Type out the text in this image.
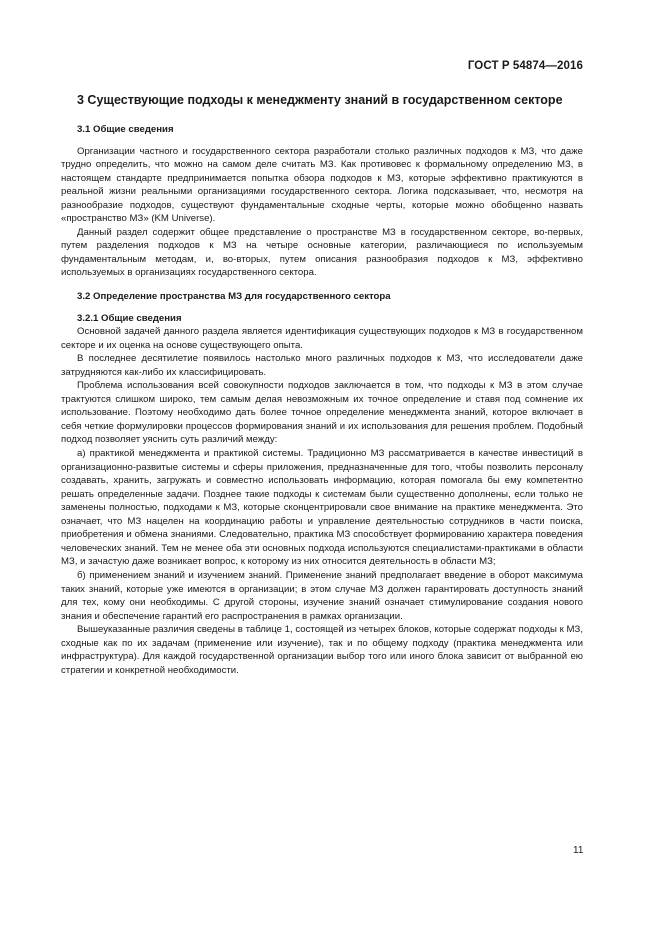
ГОСТ Р 54874—2016
3 Существующие подходы к менеджменту знаний в государственном секторе
3.1 Общие сведения

Организации частного и государственного сектора разработали столько различных подходов к МЗ, что даже трудно определить, что можно на самом деле считать МЗ. Как противовес к формальному определению МЗ, в настоящем стандарте предпринимается попытка обзора подходов к МЗ, которые эффективно практикуются в реальной жизни реальными организациями государственного сектора. Логика подсказывает, что, несмотря на разнообразие подходов, существуют фундаментальные сходные черты, которые можно обобщенно назвать «пространство МЗ» (KM Universe).

Данный раздел содержит общее представление о пространстве МЗ в государственном секторе, во-первых, путем разделения подходов к МЗ на четыре основные категории, различающиеся по используемым фундаментальным методам, и, во-вторых, путем описания разнообразия подходов к МЗ, эффективно используемых в организациях государственного сектора.

3.2 Определение пространства МЗ для государственного сектора
3.2.1 Общие сведения

Основной задачей данного раздела является идентификация существующих подходов к МЗ в государственном секторе и их оценка на основе существующего опыта.

В последнее десятилетие появилось настолько много различных подходов к МЗ, что исследователи даже затрудняются как-либо их классифицировать.

Проблема использования всей совокупности подходов заключается в том, что подходы к МЗ в этом случае трактуются слишком широко, тем самым делая невозможным их точное определение и ставя под сомнение их использование. Поэтому необходимо дать более точное определение менеджмента знаний, которое включает в себя четкие формулировки процессов формирования знаний и их использования для решения проблем. Подобный подход позволяет уяснить суть различий между:

а) практикой менеджмента и практикой системы. Традиционно МЗ рассматривается в качестве инвестиций в организационно-развитые системы и сферы приложения, предназначенные для того, чтобы позволить персоналу создавать, хранить, загружать и совместно использовать информацию, которая помогала бы ему компетентно решать определенные задачи. Позднее такие подходы к системам были существенно дополнены, если только не заменены полностью, подходами к МЗ, которые сконцентрировали свое внимание на практике менеджмента. Это означает, что МЗ нацелен на координацию работы и управление деятельностью сотрудников в части поиска, приобретения и обмена знаниями. Следовательно, практика МЗ способствует формированию характера поведения человеческих знаний. Тем не менее оба эти основных подхода используются специалистами-практиками в области МЗ, и зачастую даже возникает вопрос, к которому из них относится деятельность в области МЗ;

б) применением знаний и изучением знаний. Применение знаний предполагает введение в оборот максимума таких знаний, которые уже имеются в организации; в этом случае МЗ должен гарантировать доступность знаний для тех, кому они необходимы. С другой стороны, изучение знаний означает стимулирование создания нового знания и обеспечение гарантий его распространения в рамках организации.

Вышеуказанные различия сведены в таблице 1, состоящей из четырех блоков, которые содержат подходы к МЗ, сходные как по их задачам (применение или изучение), так и по общему подходу (практика менеджмента или инфраструктура). Для каждой государственной организации выбор того или иного блока зависит от выбранной ею стратегии и конкретной необходимости.

11
